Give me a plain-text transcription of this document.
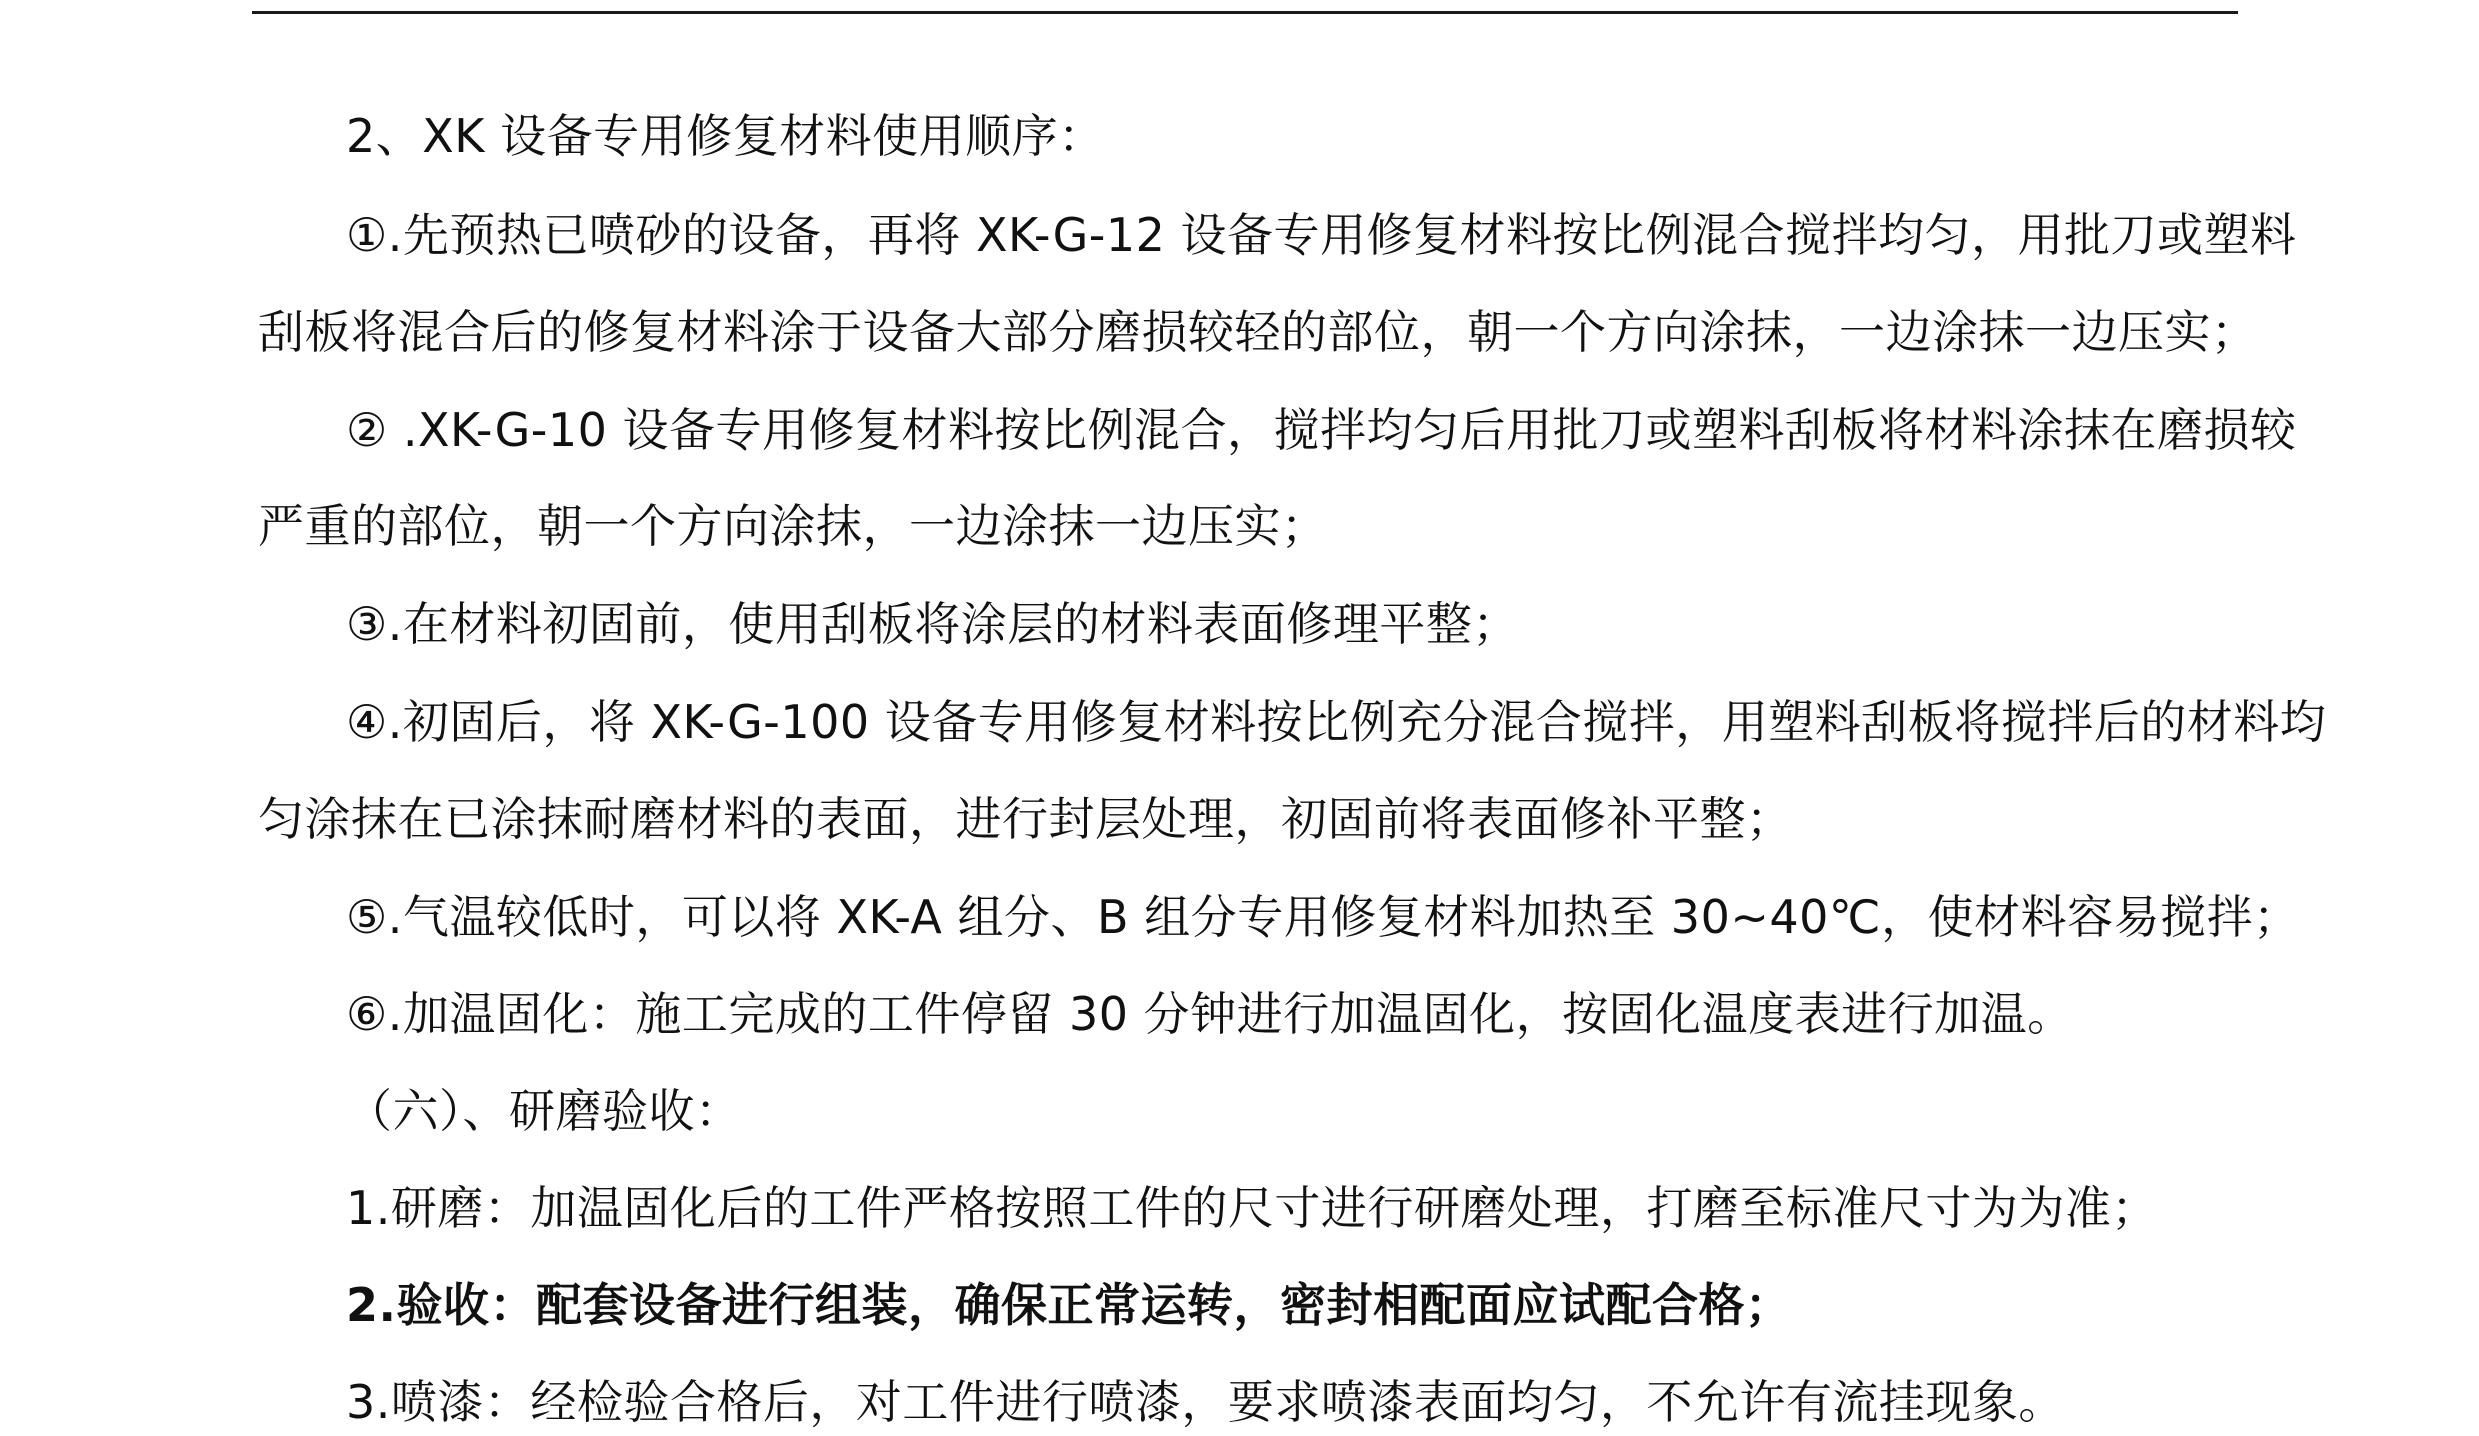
2、XK 设备专用修复材料使用顺序：
①.先预热已喷砂的设备，再将 XK-G-12 设备专用修复材料按比例混合搅拌均匀，用批刀或塑料
刮板将混合后的修复材料涂于设备大部分磨损较轻的部位，朝一个方向涂抹，一边涂抹一边压实；
② .XK-G-10 设备专用修复材料按比例混合，搅拌均匀后用批刀或塑料刮板将材料涂抹在磨损较
严重的部位，朝一个方向涂抹，一边涂抹一边压实；
③.在材料初固前，使用刮板将涂层的材料表面修理平整；
④.初固后，将 XK-G-100 设备专用修复材料按比例充分混合搅拌，用塑料刮板将搅拌后的材料均
匀涂抹在已涂抹耐磨材料的表面，进行封层处理，初固前将表面修补平整；
⑤.气温较低时，可以将 XK-A 组分、B 组分专用修复材料加热至 30~40℃，使材料容易搅拌；
⑥.加温固化：施工完成的工件停留 30 分钟进行加温固化，按固化温度表进行加温。
（六）、研磨验收：
1.研磨：加温固化后的工件严格按照工件的尺寸进行研磨处理，打磨至标准尺寸为为准；
2.验收：配套设备进行组装，确保正常运转，密封相配面应试配合格；
3.喷漆：经检验合格后，对工件进行喷漆，要求喷漆表面均匀，不允许有流挂现象。
